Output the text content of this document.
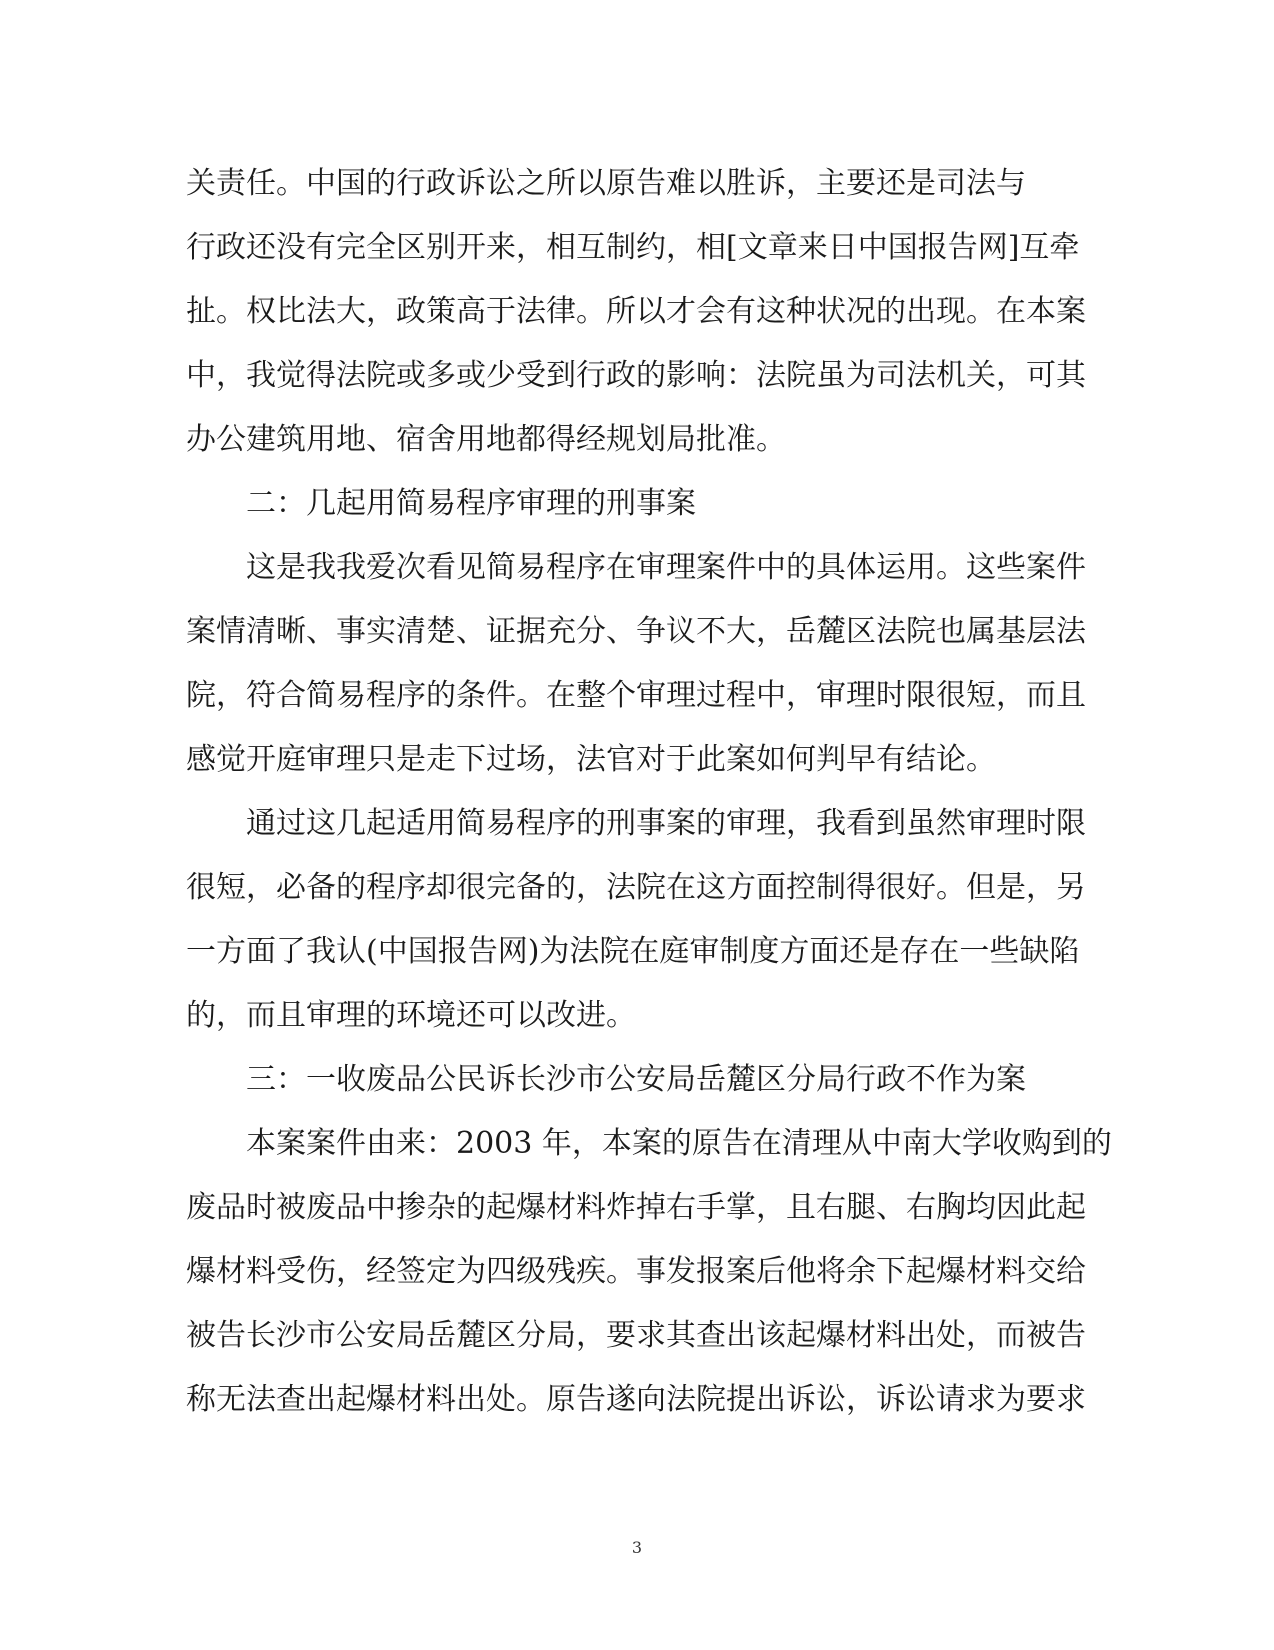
关责任。中国的行政诉讼之所以原告难以胜诉，主要还是司法与
行政还没有完全区别开来，相互制约，相[文章来日中国报告网]互牵
扯。权比法大，政策高于法律。所以才会有这种状况的出现。在本案
中，我觉得法院或多或少受到行政的影响：法院虽为司法机关，可其
办公建筑用地、宿舍用地都得经规划局批准。
二：几起用简易程序审理的刑事案
这是我我爱次看见简易程序在审理案件中的具体运用。这些案件
案情清晰、事实清楚、证据充分、争议不大，岳麓区法院也属基层法
院，符合简易程序的条件。在整个审理过程中，审理时限很短，而且
感觉开庭审理只是走下过场，法官对于此案如何判早有结论。
通过这几起适用简易程序的刑事案的审理，我看到虽然审理时限
很短，必备的程序却很完备的，法院在这方面控制得很好。但是，另
一方面了我认(中国报告网)为法院在庭审制度方面还是存在一些缺陷
的，而且审理的环境还可以改进。
三：一收废品公民诉长沙市公安局岳麓区分局行政不作为案
本案案件由来：2003 年，本案的原告在清理从中南大学收购到的
废品时被废品中掺杂的起爆材料炸掉右手掌，且右腿、右胸均因此起
爆材料受伤，经签定为四级残疾。事发报案后他将余下起爆材料交给
被告长沙市公安局岳麓区分局，要求其查出该起爆材料出处，而被告
称无法查出起爆材料出处。原告遂向法院提出诉讼，诉讼请求为要求
3
